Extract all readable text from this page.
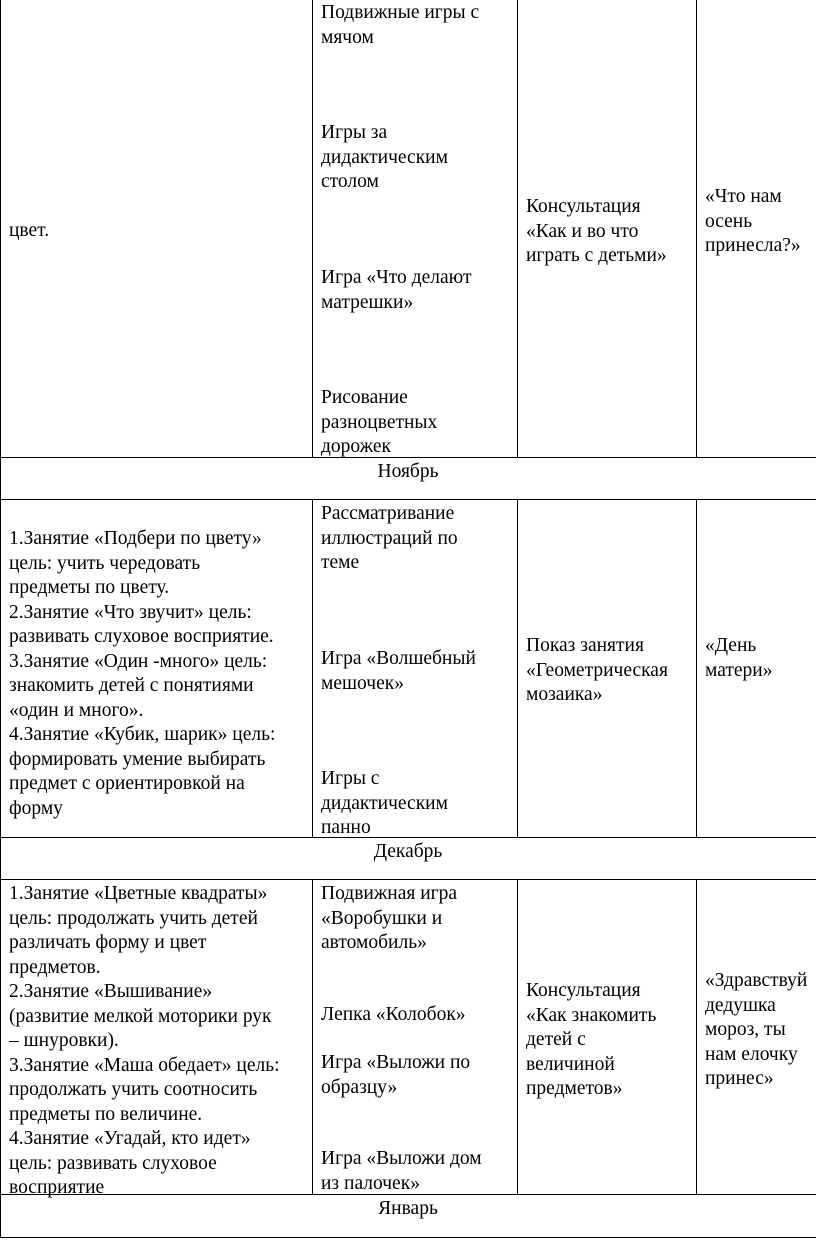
цвет.
Подвижные игры с
мячом
Игры за
дидактическим
столом
Игра «Что делают
матрешки»
Рисование
разноцветных
дорожек
Консультация
«Как и во что
играть с детьми»
«Что нам
осень
принесла?»
Ноябрь
1.Занятие «Подбери по цвету»
цель: учить чередовать
предметы по цвету.
2.Занятие «Что звучит» цель:
развивать слуховое восприятие.
3.Занятие «Один -много» цель:
знакомить детей с понятиями
«один и много».
4.Занятие «Кубик, шарик» цель:
формировать умение выбирать
предмет с ориентировкой на
форму
Рассматривание
иллюстраций по
теме
Игра «Волшебный
мешочек»
Игры с
дидактическим
панно
Показ занятия
«Геометрическая
мозаика»
«День
матери»
Декабрь
1.Занятие «Цветные квадраты»
цель: продолжать учить детей
различать форму и цвет
предметов.
2.Занятие «Вышивание»
(развитие мелкой моторики рук
– шнуровки).
3.Занятие «Маша обедает» цель:
продолжать учить соотносить
предметы по величине.
4.Занятие «Угадай, кто идет»
цель: развивать слуховое
восприятие
Подвижная игра
«Воробушки и
автомобиль»
Лепка «Колобок»
Игра «Выложи по
образцу»
Игра «Выложи дом
из палочек»
Консультация
«Как знакомить
детей с
величиной
предметов»
«Здравствуй
дедушка
мороз, ты
нам елочку
принес»
Январь
